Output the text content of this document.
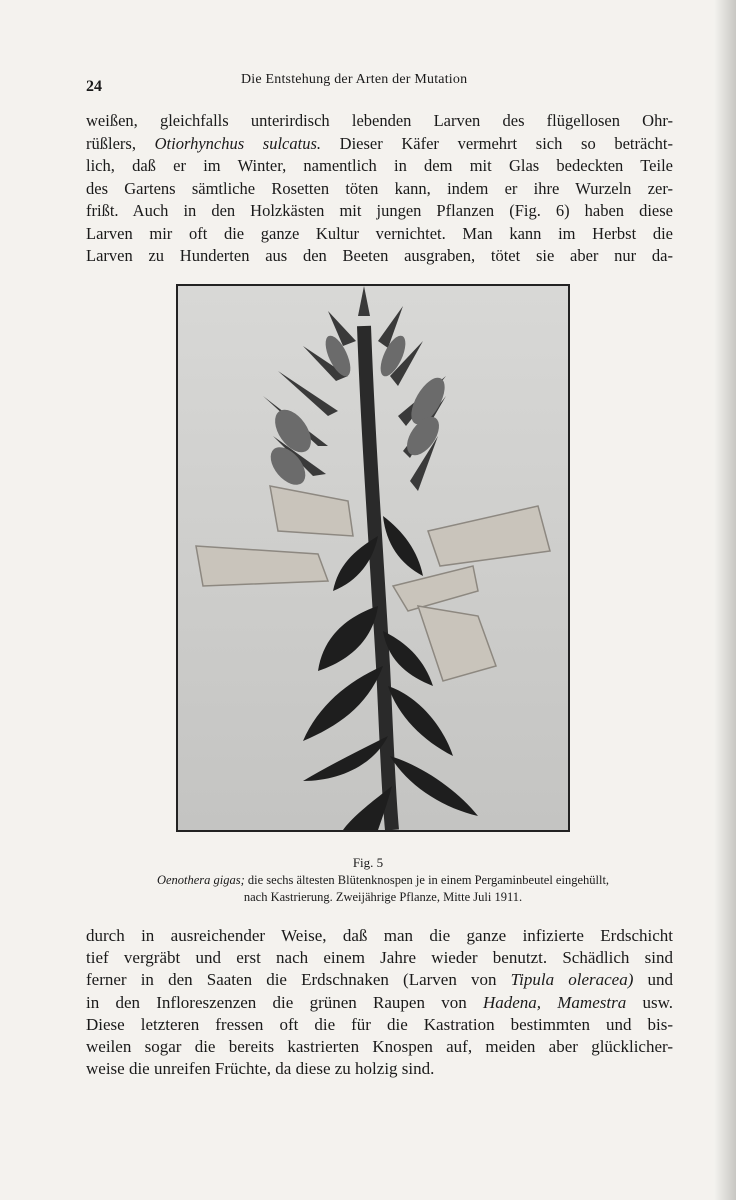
24	Die Entstehung der Arten der Mutation
weißen, gleichfalls unterirdisch lebenden Larven des flügellosen Ohr-
rüßlers, Otiorhynchus sulcatus. Dieser Käfer vermehrt sich so beträcht-
lich, daß er im Winter, namentlich in dem mit Glas bedeckten Teile
des Gartens sämtliche Rosetten töten kann, indem er ihre Wurzeln zer-
frißt. Auch in den Holzkästen mit jungen Pflanzen (Fig. 6) haben diese
Larven mir oft die ganze Kultur vernichtet. Man kann im Herbst die
Larven zu Hunderten aus den Beeten ausgraben, tötet sie aber nur da-
Fig. 5
Oenothera gigas; die sechs ältesten Blütenknospen je in einem Pergaminbeutel eingehüllt,
nach Kastrierung. Zweijährige Pflanze, Mitte Juli 1911.
durch in ausreichender Weise, daß man die ganze infizierte Erdschicht
tief vergräbt und erst nach einem Jahre wieder benutzt. Schädlich sind
ferner in den Saaten die Erdschnaken (Larven von Tipula oleracea) und
in den Infloreszenzen die grünen Raupen von Hadena, Mamestra usw.
Diese letzteren fressen oft die für die Kastration bestimmten und bis-
weilen sogar die bereits kastrierten Knospen auf, meiden aber glücklicher-
weise die unreifen Früchte, da diese zu holzig sind.
